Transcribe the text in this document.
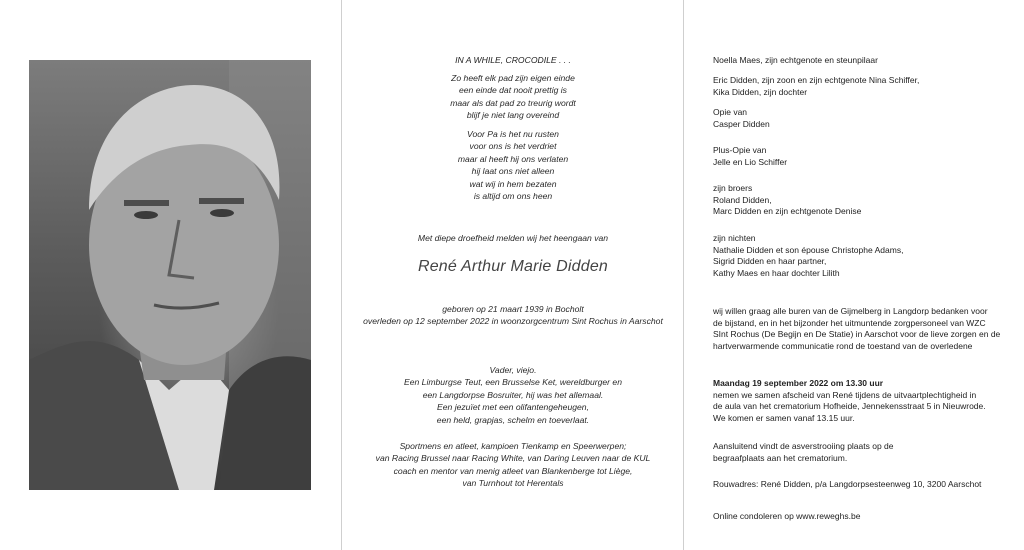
IN A WHILE, CROCODILE . . .
Zo heeft elk pad zijn eigen einde
een einde dat nooit prettig is
maar als dat pad zo treurig wordt
blijf je niet lang overeind
Voor Pa is het nu rusten
voor ons is het verdriet
maar al heeft hij ons verlaten
hij laat ons niet alleen
wat wij in hem bezaten
is altijd om ons heen
Met diepe droefheid melden wij het heengaan van
René Arthur Marie Didden
geboren op 21 maart 1939 in Bocholt
overleden op 12 september 2022 in woonzorgcentrum Sint Rochus in Aarschot
Vader, viejo.
Een Limburgse Teut, een Brusselse Ket, wereldburger en
een Langdorpse Bosruiter, hij was het allemaal.
Een jezuïet met een olifantengeheugen,
een held, grapjas, schelm en toeverlaat.
Sportmens en atleet, kampioen Tienkamp en Speerwerpen;
van Racing Brussel naar Racing White, van Daring Leuven naar de KUL
coach en mentor van menig atleet van Blankenberge tot Liège,
van Turnhout tot Herentals
Noella Maes, zijn echtgenote en steunpilaar
Eric Didden, zijn zoon en zijn echtgenote Nina Schiffer,
Kika Didden, zijn dochter
Opie van
Casper Didden
Plus-Opie van
Jelle en Lio Schiffer
zijn broers
Roland Didden,
Marc Didden en zijn echtgenote Denise
zijn nichten
Nathalie Didden et son épouse Christophe Adams,
Sigrid Didden en haar partner,
Kathy Maes en haar dochter Lilith
wij willen graag alle buren van de Gijmelberg in Langdorp bedanken voor
de bijstand, en in het bijzonder het uitmuntende zorgpersoneel van WZC
SInt Rochus (De Begijn en De Statie) in Aarschot voor de lieve zorgen en de
hartverwarmende communicatie rond de toestand van de overledene
Maandag 19 september 2022 om 13.30 uur
nemen we samen afscheid van René tijdens de uitvaartplechtigheid in
de aula van het crematorium Hofheide, Jennekensstraat 5 in Nieuwrode.
We komen er samen vanaf 13.15 uur.
Aansluitend vindt de asverstrooiing plaats op de
begraafplaats aan het crematorium.
Rouwadres: René Didden, p/a Langdorpsesteenweg 10, 3200 Aarschot
Online condoleren op www.reweghs.be
